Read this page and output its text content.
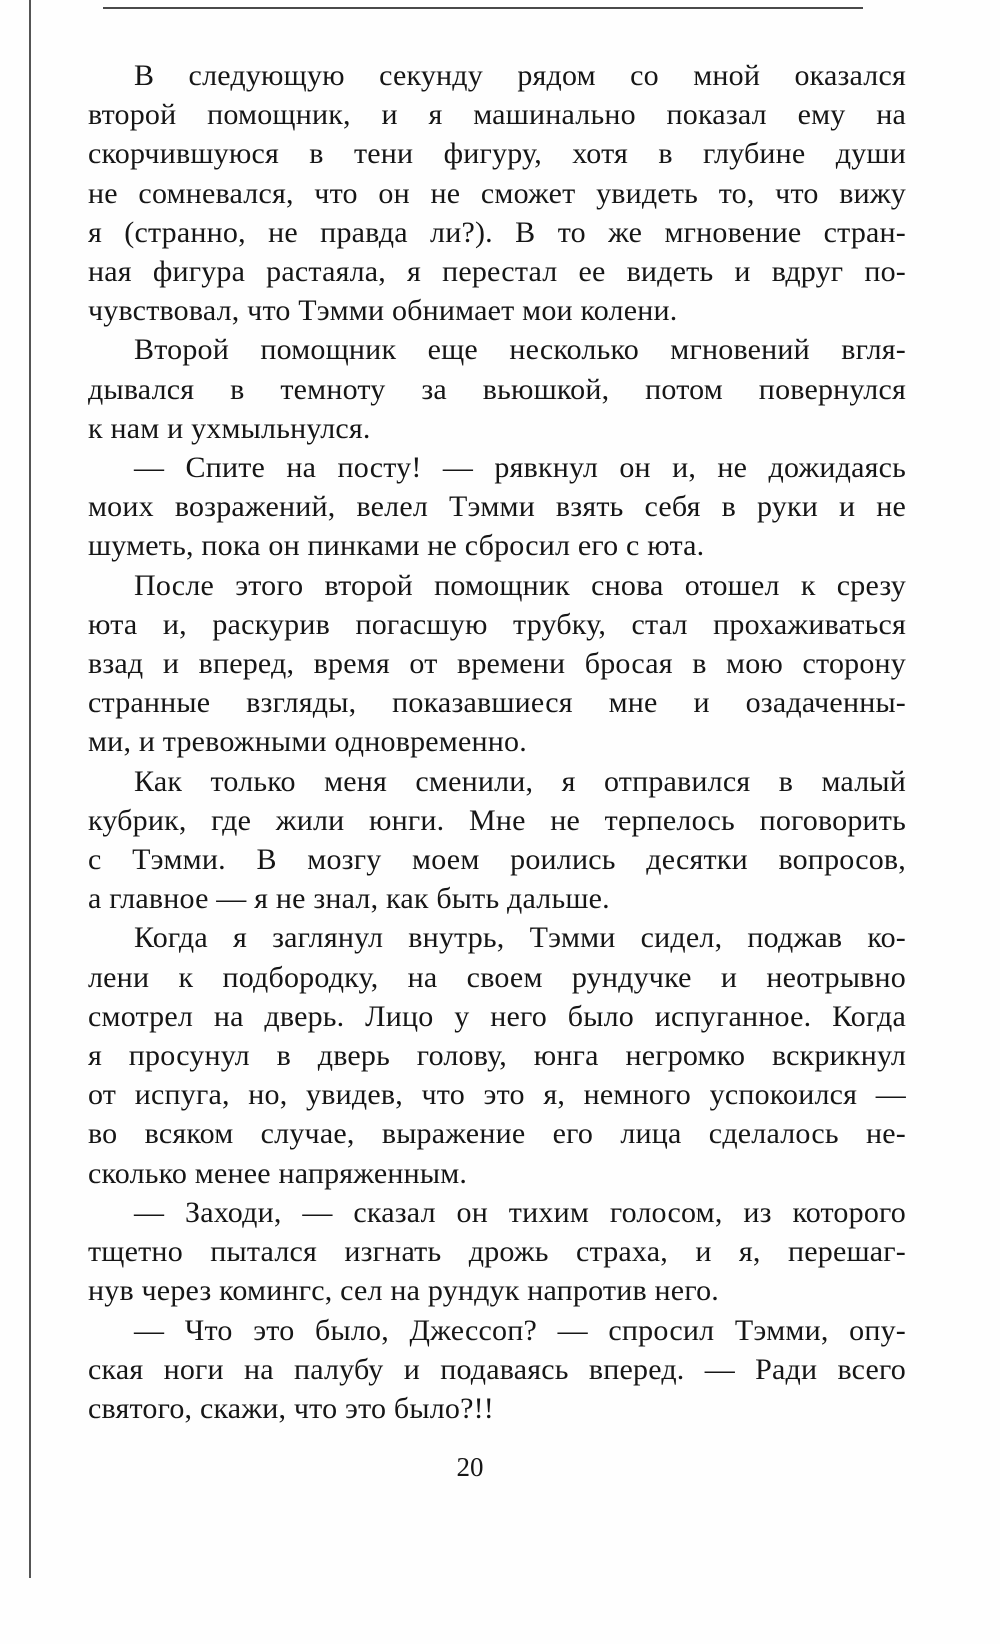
В следующую секунду рядом со мной оказался
второй помощник, и я машинально показал ему на
скорчившуюся в тени фигуру, хотя в глубине души
не сомневался, что он не сможет увидеть то, что вижу
я (странно, не правда ли?). В то же мгновение стран-
ная фигура растаяла, я перестал ее видеть и вдруг по-
чувствовал, что Тэмми обнимает мои колени.
Второй помощник еще несколько мгновений вгля-
дывался в темноту за вьюшкой, потом повернулся
к нам и ухмыльнулся.
— Спите на посту! — рявкнул он и, не дожидаясь
моих возражений, велел Тэмми взять себя в руки и не
шуметь, пока он пинками не сбросил его с юта.
После этого второй помощник снова отошел к срезу
юта и, раскурив погасшую трубку, стал прохаживаться
взад и вперед, время от времени бросая в мою сторону
странные взгляды, показавшиеся мне и озадаченны-
ми, и тревожными одновременно.
Как только меня сменили, я отправился в малый
кубрик, где жили юнги. Мне не терпелось поговорить
с Тэмми. В мозгу моем роились десятки вопросов,
а главное — я не знал, как быть дальше.
Когда я заглянул внутрь, Тэмми сидел, поджав ко-
лени к подбородку, на своем рундучке и неотрывно
смотрел на дверь. Лицо у него было испуганное. Когда
я просунул в дверь голову, юнга негромко вскрикнул
от испуга, но, увидев, что это я, немного успокоился —
во всяком случае, выражение его лица сделалось не-
сколько менее напряженным.
— Заходи, — сказал он тихим голосом, из которого
тщетно пытался изгнать дрожь страха, и я, перешаг-
нув через комингс, сел на рундук напротив него.
— Что это было, Джессоп? — спросил Тэмми, опу-
ская ноги на палубу и подаваясь вперед. — Ради всего
святого, скажи, что это было?!!
20
